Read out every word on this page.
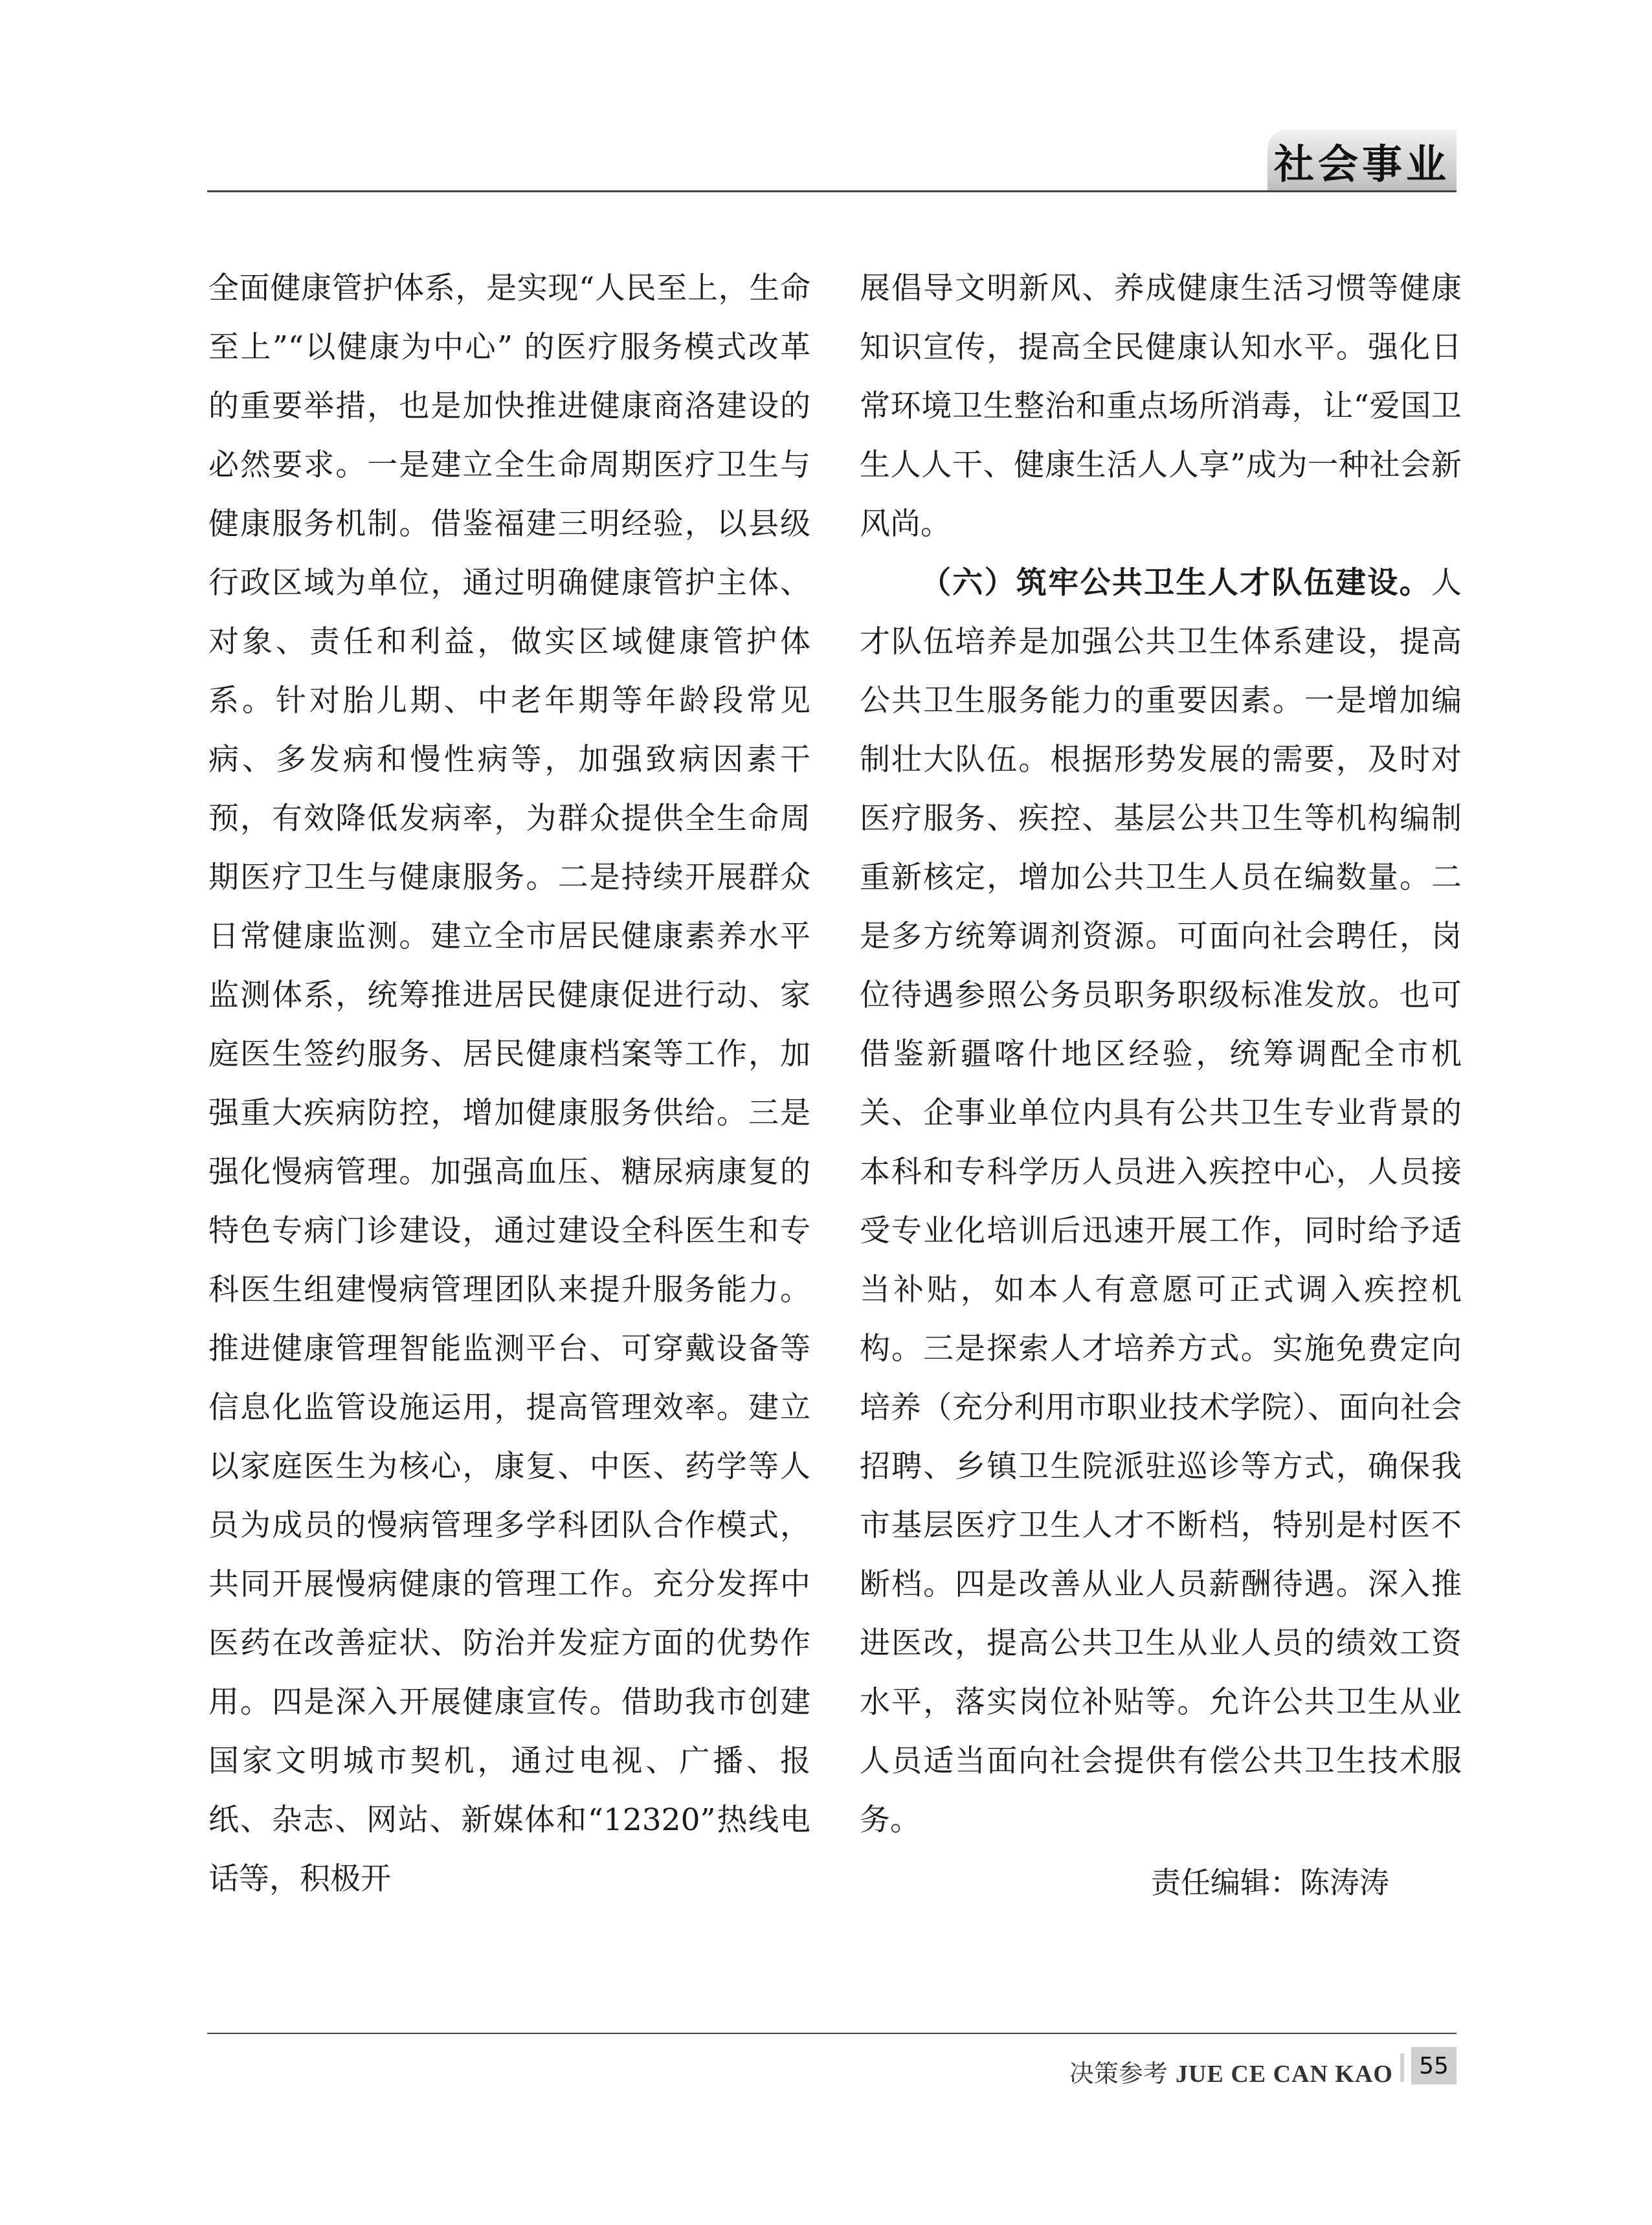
社会事业

全面健康管护体系，是实现“人民至上，生命至上”“以健康为中心” 的医疗服务模式改革的重要举措，也是加快推进健康商洛建设的必然要求。一是建立全生命周期医疗卫生与健康服务机制。借鉴福建三明经验，以县级行政区域为单位，通过明确健康管护主体、对象、责任和利益，做实区域健康管护体系。针对胎儿期、中老年期等年龄段常见病、多发病和慢性病等，加强致病因素干预，有效降低发病率，为群众提供全生命周期医疗卫生与健康服务。二是持续开展群众日常健康监测。建立全市居民健康素养水平监测体系，统筹推进居民健康促进行动、家庭医生签约服务、居民健康档案等工作，加强重大疾病防控，增加健康服务供给。三是强化慢病管理。加强高血压、糖尿病康复的特色专病门诊建设，通过建设全科医生和专科医生组建慢病管理团队来提升服务能力。推进健康管理智能监测平台、可穿戴设备等信息化监管设施运用，提高管理效率。建立以家庭医生为核心，康复、中医、药学等人员为成员的慢病管理多学科团队合作模式，共同开展慢病健康的管理工作。充分发挥中医药在改善症状、防治并发症方面的优势作用。四是深入开展健康宣传。借助我市创建国家文明城市契机，通过电视、广播、报纸、杂志、网站、新媒体和“12320”热线电话等，积极开

展倡导文明新风、养成健康生活习惯等健康知识宣传，提高全民健康认知水平。强化日常环境卫生整治和重点场所消毒，让“爱国卫生人人干、健康生活人人享”成为一种社会新风尚。

（六）筑牢公共卫生人才队伍建设。人才队伍培养是加强公共卫生体系建设，提高公共卫生服务能力的重要因素。一是增加编制壮大队伍。根据形势发展的需要，及时对医疗服务、疾控、基层公共卫生等机构编制重新核定，增加公共卫生人员在编数量。二是多方统筹调剂资源。可面向社会聘任，岗位待遇参照公务员职务职级标准发放。也可借鉴新疆喀什地区经验，统筹调配全市机关、企事业单位内具有公共卫生专业背景的本科和专科学历人员进入疾控中心，人员接受专业化培训后迅速开展工作，同时给予适当补贴，如本人有意愿可正式调入疾控机构。三是探索人才培养方式。实施免费定向培养（充分利用市职业技术学院）、面向社会招聘、乡镇卫生院派驻巡诊等方式，确保我市基层医疗卫生人才不断档，特别是村医不断档。四是改善从业人员薪酬待遇。深入推进医改，提高公共卫生从业人员的绩效工资水平，落实岗位补贴等。允许公共卫生从业人员适当面向社会提供有偿公共卫生技术服务。

责任编辑：陈涛涛
决策参考 JUE CE CAN KAO	55
